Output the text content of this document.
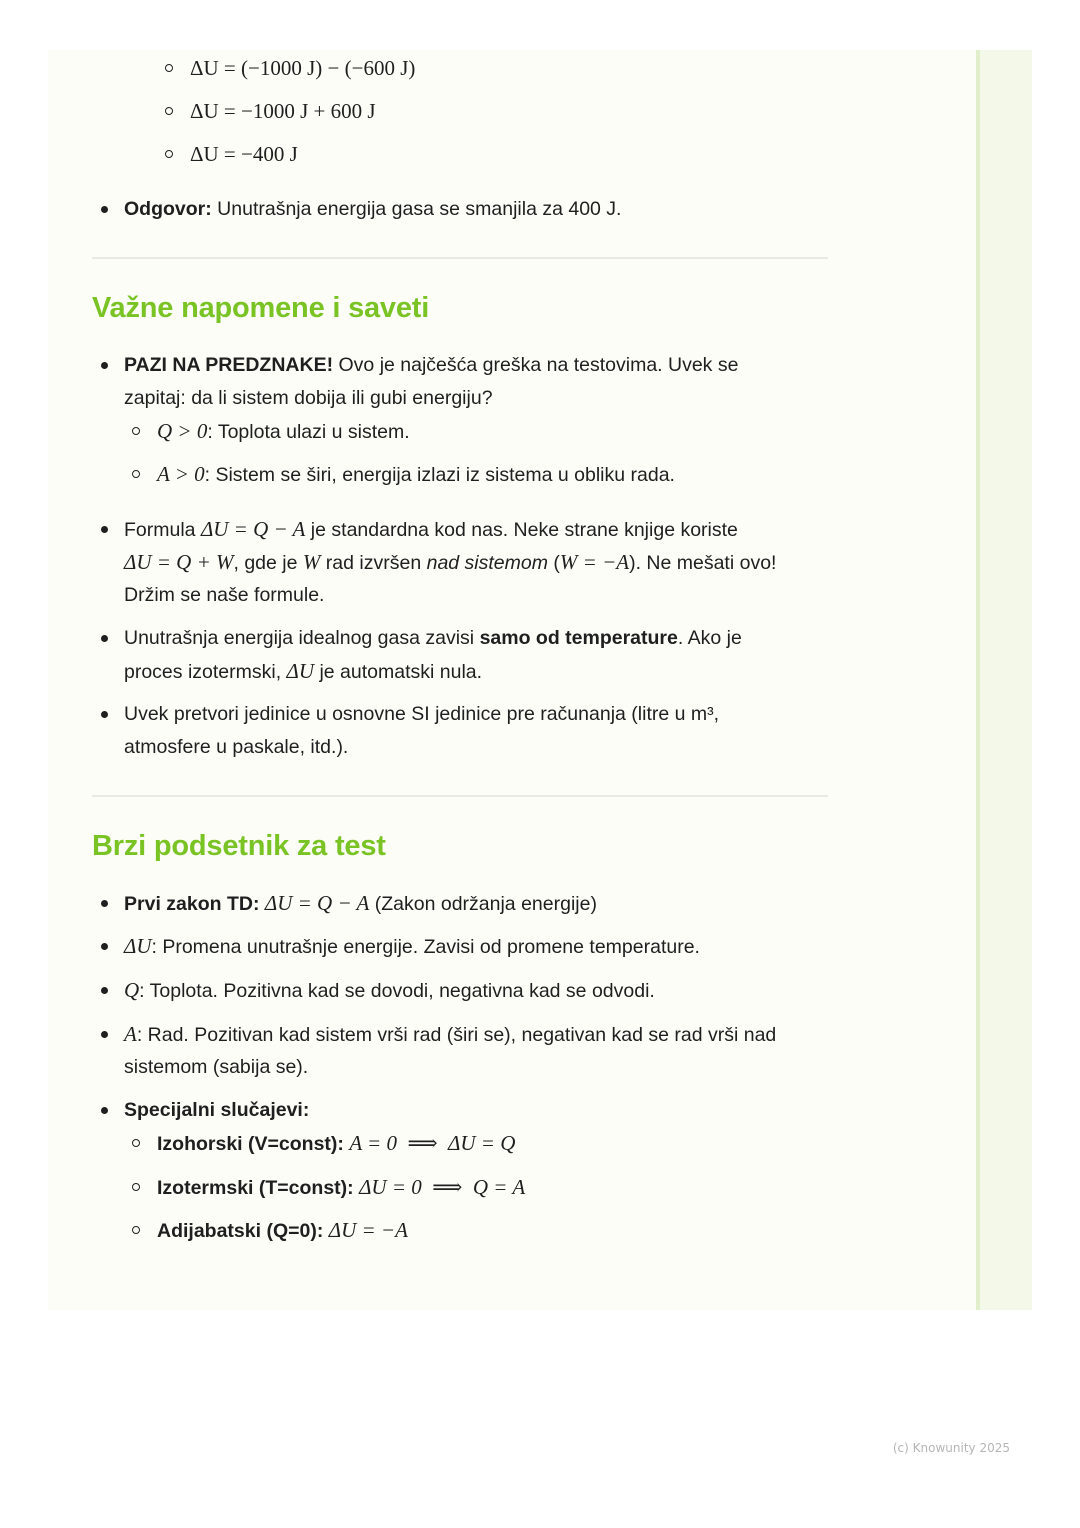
ΔU = (−1000 J) − (−600 J)
ΔU = −1000 J + 600 J
ΔU = −400 J
Odgovor: Unutrašnja energija gasa se smanjila za 400 J.
Važne napomene i saveti
PAZI NA PREDZNAKE! Ovo je najčešća greška na testovima. Uvek se
zapitaj: da li sistem dobija ili gubi energiju?
Q > 0: Toplota ulazi u sistem.
A > 0: Sistem se širi, energija izlazi iz sistema u obliku rada.
Formula ΔU = Q − A je standardna kod nas. Neke strane knjige koriste
ΔU = Q + W, gde je W rad izvršen nad sistemom (W = −A). Ne mešati ovo!
Držim se naše formule.
Unutrašnja energija idealnog gasa zavisi samo od temperature. Ako je
proces izotermski, ΔU je automatski nula.
Uvek pretvori jedinice u osnovne SI jedinice pre računanja (litre u m³,
atmosfere u paskale, itd.).
Brzi podsetnik za test
Prvi zakon TD: ΔU = Q − A (Zakon održanja energije)
ΔU: Promena unutrašnje energije. Zavisi od promene temperature.
Q: Toplota. Pozitivna kad se dovodi, negativna kad se odvodi.
A: Rad. Pozitivan kad sistem vrši rad (širi se), negativan kad se rad vrši nad
sistemom (sabija se).
Specijalni slučajevi:
Izohorski (V=const): A = 0  ⟹  ΔU = Q
Izotermski (T=const): ΔU = 0  ⟹  Q = A
Adijabatski (Q=0): ΔU = −A
(c) Knowunity 2025
